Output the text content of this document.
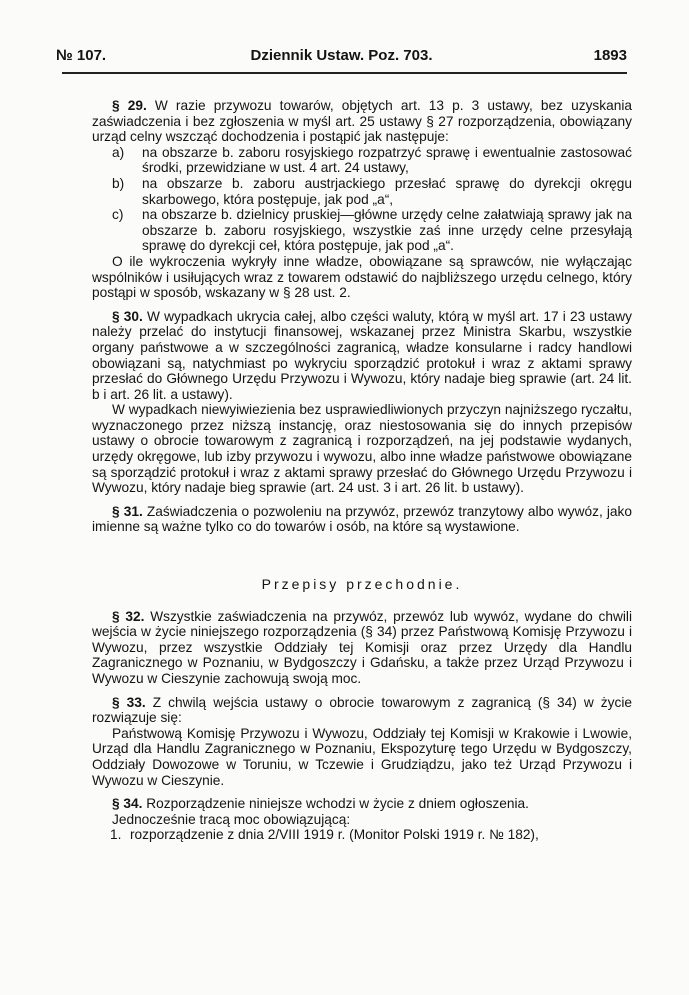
№ 107.	Dziennik Ustaw. Poz. 703.	1893

§ 29. W razie przywozu towarów, objętych art. 13 p. 3 ustawy, bez uzyskania zaświadczenia i bez zgłoszenia w myśl art. 25 ustawy § 27 rozporządzenia, obowiązany urząd celny wszcząć dochodzenia i postąpić jak następuje:

a)	na obszarze b. zaboru rosyjskiego rozpatrzyć sprawę i ewentualnie zastosować środki, przewidziane w ust. 4 art. 24 ustawy,
b)	na obszarze b. zaboru austrjackiego przesłać sprawę do dyrekcji okręgu skarbowego, która postępuje, jak pod „a“,
c)	na obszarze b. dzielnicy pruskiej—główne urzędy celne załatwiają sprawy jak na obszarze b. zaboru rosyjskiego, wszystkie zaś inne urzędy celne przesyłają sprawę do dyrekcji ceł, która postępuje, jak pod „a“.

O ile wykroczenia wykryły inne władze, obowiązane są sprawców, nie wyłączając wspólników i usiłujących wraz z towarem odstawić do najbliższego urzędu celnego, który postąpi w sposób, wskazany w § 28 ust. 2.

§ 30. W wypadkach ukrycia całej, albo części waluty, którą w myśl art. 17 i 23 ustawy należy przelać do instytucji finansowej, wskazanej przez Ministra Skarbu, wszystkie organy państwowe a w szczególności zagranicą, władze konsularne i radcy handlowi obowiązani są, natychmiast po wykryciu sporządzić protokuł i wraz z aktami sprawy przesłać do Głównego Urzędu Przywozu i Wywozu, który nadaje bieg sprawie (art. 24 lit. b i art. 26 lit. a ustawy).

W wypadkach niewyiwiezienia bez usprawiedliwionych przyczyn najniższego ryczałtu, wyznaczonego przez niższą instancję, oraz niestosowania się do innych przepisów ustawy o obrocie towarowym z zagranicą i rozporządzeń, na jej podstawie wydanych, urzędy okręgowe, lub izby przywozu i wywozu, albo inne władze państwowe obowiązane są sporządzić protokuł i wraz z aktami sprawy przesłać do Głównego Urzędu Przywozu i Wywozu, który nadaje bieg sprawie (art. 24 ust. 3 i art. 26 lit. b ustawy).

§ 31. Zaświadczenia o pozwoleniu na przywóz, przewóz tranzytowy albo wywóz, jako imienne są ważne tylko co do towarów i osób, na które są wystawione.

Przepisy przechodnie.

§ 32. Wszystkie zaświadczenia na przywóz, przewóz lub wywóz, wydane do chwili wejścia w życie niniejszego rozporządzenia (§ 34) przez Państwową Komisję Przywozu i Wywozu, przez wszystkie Oddziały tej Komisji oraz przez Urzędy dla Handlu Zagranicznego w Poznaniu, w Bydgoszczy i Gdańsku, a także przez Urząd Przywozu i Wywozu w Cieszynie zachowują swoją moc.

§ 33. Z chwilą wejścia ustawy o obrocie towarowym z zagranicą (§ 34) w życie rozwiązuje się:

Państwową Komisję Przywozu i Wywozu, Oddziały tej Komisji w Krakowie i Lwowie, Urząd dla Handlu Zagranicznego w Poznaniu, Ekspozyturę tego Urzędu w Bydgoszczy, Oddziały Dowozowe w Toruniu, w Tczewie i Grudziądzu, jako też Urząd Przywozu i Wywozu w Cieszynie.

§ 34. Rozporządzenie niniejsze wchodzi w życie z dniem ogłoszenia.

Jednocześnie tracą moc obowiązującą:

1. rozporządzenie z dnia 2/VIII 1919 r. (Monitor Polski 1919 r. № 182),
